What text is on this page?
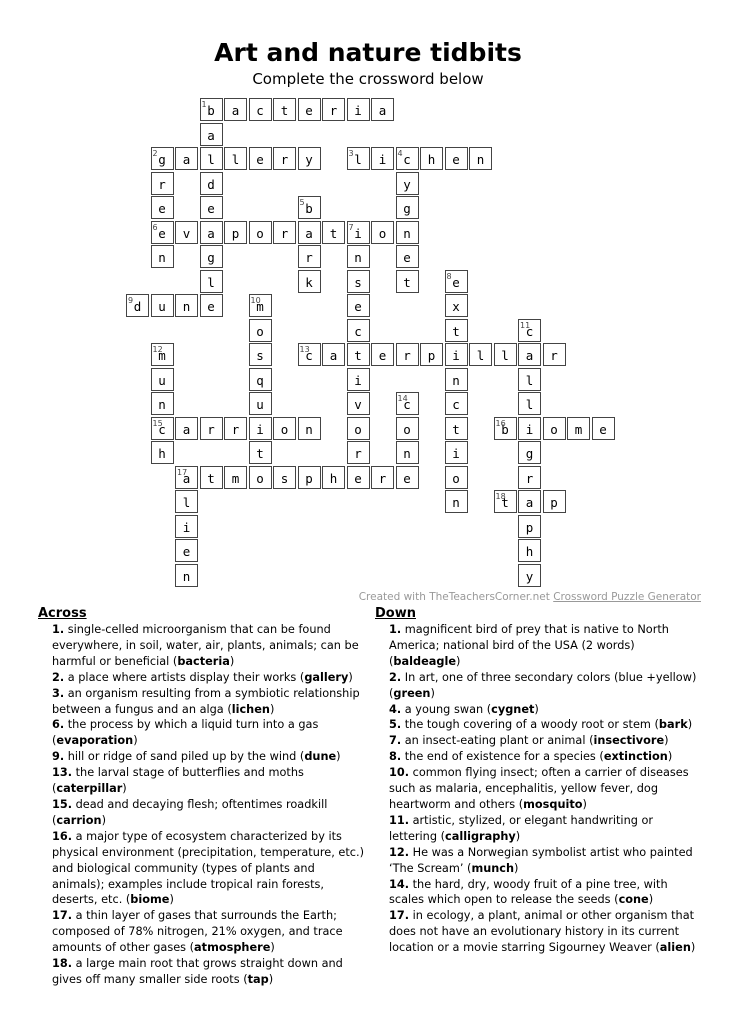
Art and nature tidbits
Complete the crossword below
1 b	a	c	t	e	r	i	a
a
l
d
e
a
g
l
e
2 g	a	l	e	r	y
r
e
6 e
n
3 l	i	4 c	h	e	n
y
g
n
e
t
5 b
a
r
k
v	p	o	r	t	7 i	o
n
s
e
c
t
i
v
o
r
e
8 e
x
t
i
n
c
t
i
o
n
9 d	u	n	10
m
o
s
q
u
i
t
o
11
c
a
l
l
i
g
r
a
p
h
y
12
m
u
n
15
c
h
13
c	a	e	r	p	l	l	r
14
c
o
n
e
a	r	r	o	n	16
b	o	m	e
17
a	t	m	s	p	h	r
l
i
e
n
18
t	p
Created with TheTeachersCorner.net Crossword Puzzle Generator
Across
1. single-celled microorganism that can be found everywhere, in soil, water, air, plants, animals; can be harmful or beneficial (bacteria)
2. a place where artists display their works (gallery)
3. an organism resulting from a symbiotic relationship between a fungus and an alga (lichen)
6. the process by which a liquid turn into a gas (evaporation)
9. hill or ridge of sand piled up by the wind (dune)
13. the larval stage of butterflies and moths (caterpillar)
15. dead and decaying flesh; oftentimes roadkill (carrion)
16. a major type of ecosystem characterized by its physical environment (precipitation, temperature, etc.) and biological community (types of plants and animals); examples include tropical rain forests, deserts, etc. (biome)
17. a thin layer of gases that surrounds the Earth; composed of 78% nitrogen, 21% oxygen, and trace amounts of other gases (atmosphere)
18. a large main root that grows straight down and gives off many smaller side roots (tap)
Down
1. magnificent bird of prey that is native to North America; national bird of the USA (2 words) (baldeagle)
2. In art, one of three secondary colors (blue +yellow) (green)
4. a young swan (cygnet)
5. the tough covering of a woody root or stem (bark)
7. an insect-eating plant or animal (insectivore)
8. the end of existence for a species (extinction)
10. common flying insect; often a carrier of diseases such as malaria, encephalitis, yellow fever, dog heartworm and others (mosquito)
11. artistic, stylized, or elegant handwriting or lettering (calligraphy)
12. He was a Norwegian symbolist artist who painted ‘The Scream’ (munch)
14. the hard, dry, woody fruit of a pine tree, with scales which open to release the seeds (cone)
17. in ecology, a plant, animal or other organism that does not have an evolutionary history in its current location or a movie starring Sigourney Weaver (alien)
